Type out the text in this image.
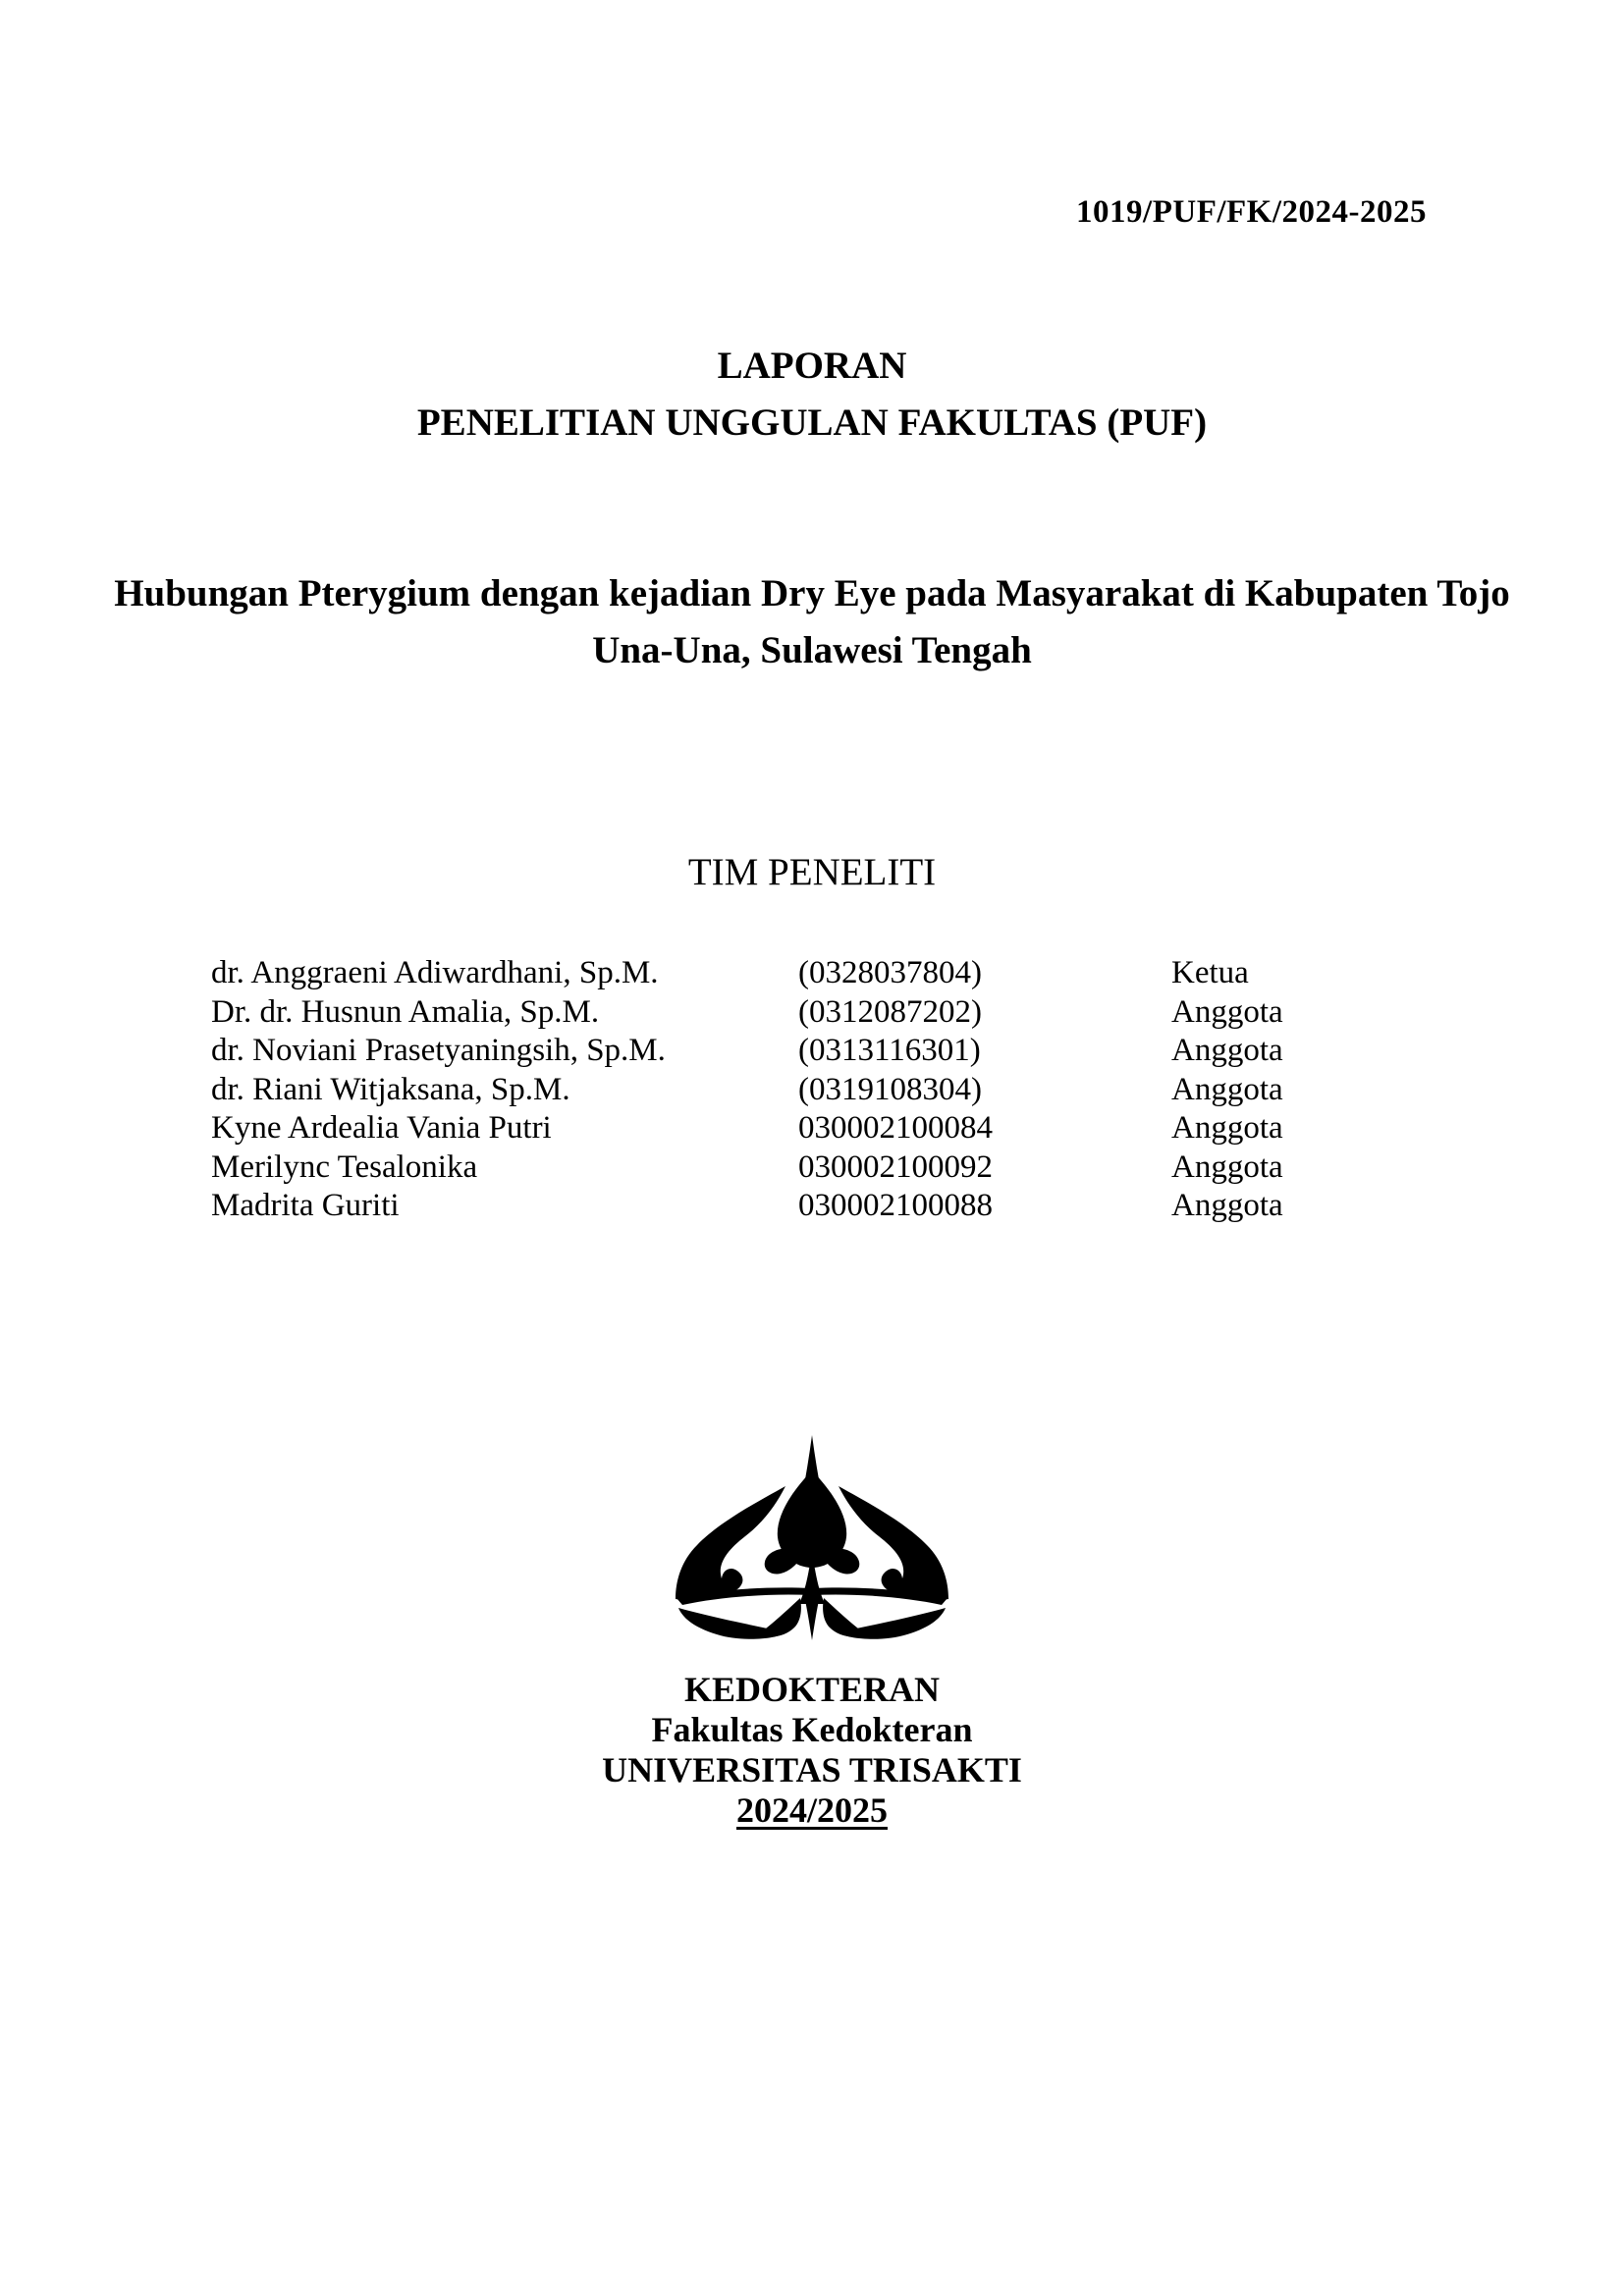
1019/PUF/FK/2024-2025
LAPORAN
PENELITIAN UNGGULAN FAKULTAS (PUF)
Hubungan Pterygium dengan kejadian Dry Eye pada Masyarakat di Kabupaten Tojo
Una-Una, Sulawesi Tengah
TIM PENELITI
dr. Anggraeni Adiwardhani, Sp.M.	(0328037804)	Ketua
Dr. dr. Husnun Amalia, Sp.M.	(0312087202)	Anggota
dr. Noviani Prasetyaningsih, Sp.M.	(0313116301)	Anggota
dr. Riani Witjaksana, Sp.M.	(0319108304)	Anggota
Kyne Ardealia Vania Putri	030002100084	Anggota
Merilync Tesalonika	030002100092	Anggota
Madrita Guriti	030002100088	Anggota
KEDOKTERAN
Fakultas Kedokteran
UNIVERSITAS TRISAKTI
2024/2025
